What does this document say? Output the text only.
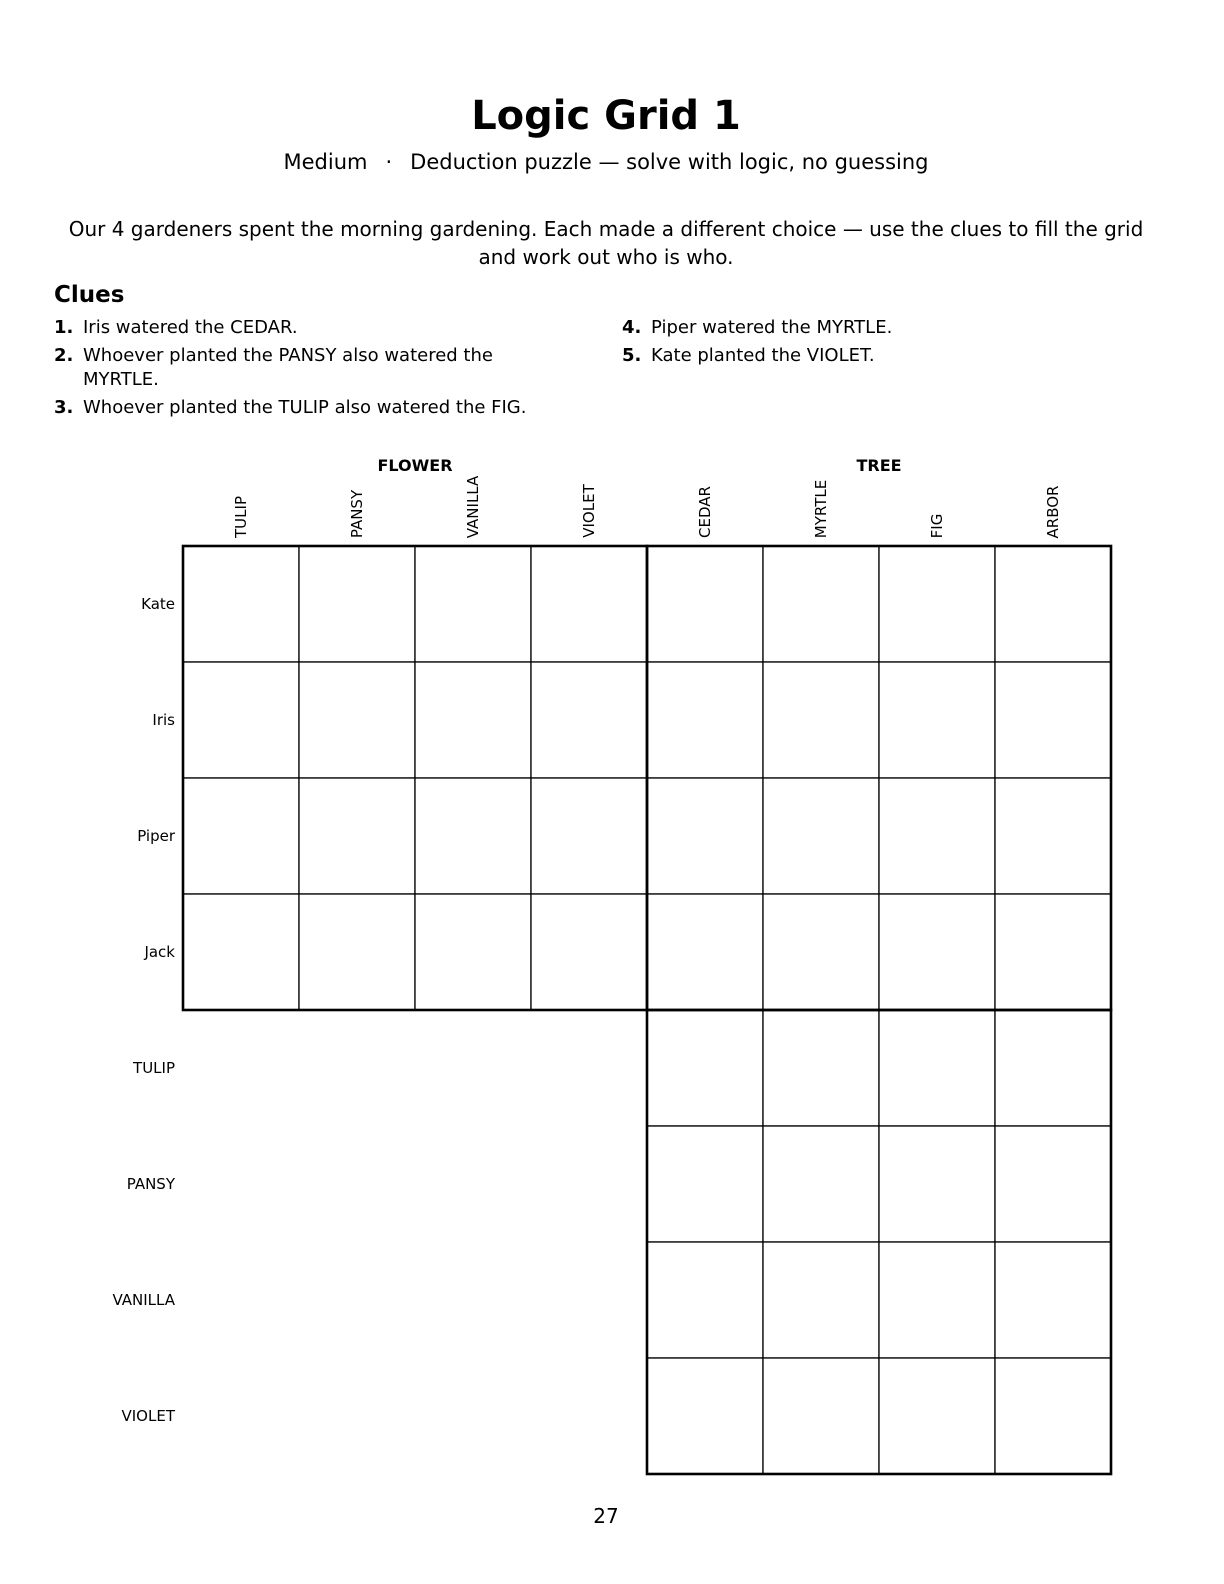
Logic Grid 1
Medium · Deduction puzzle — solve with logic, no guessing
Our 4 gardeners spent the morning gardening. Each made a different choice — use the clues to fill the grid and work out who is who.
Clues
1. Iris watered the CEDAR.
2. Whoever planted the PANSY also watered the MYRTLE.
3. Whoever planted the TULIP also watered the FIG.
4. Piper watered the MYRTLE.
5. Kate planted the VIOLET.
FLOWER	TREE
TULIP	PANSY	VANILLA	VIOLET	CEDAR	MYRTLE	FIG	ARBOR
Kate
Iris
Piper
Jack
TULIP
PANSY
VANILLA
VIOLET
27
